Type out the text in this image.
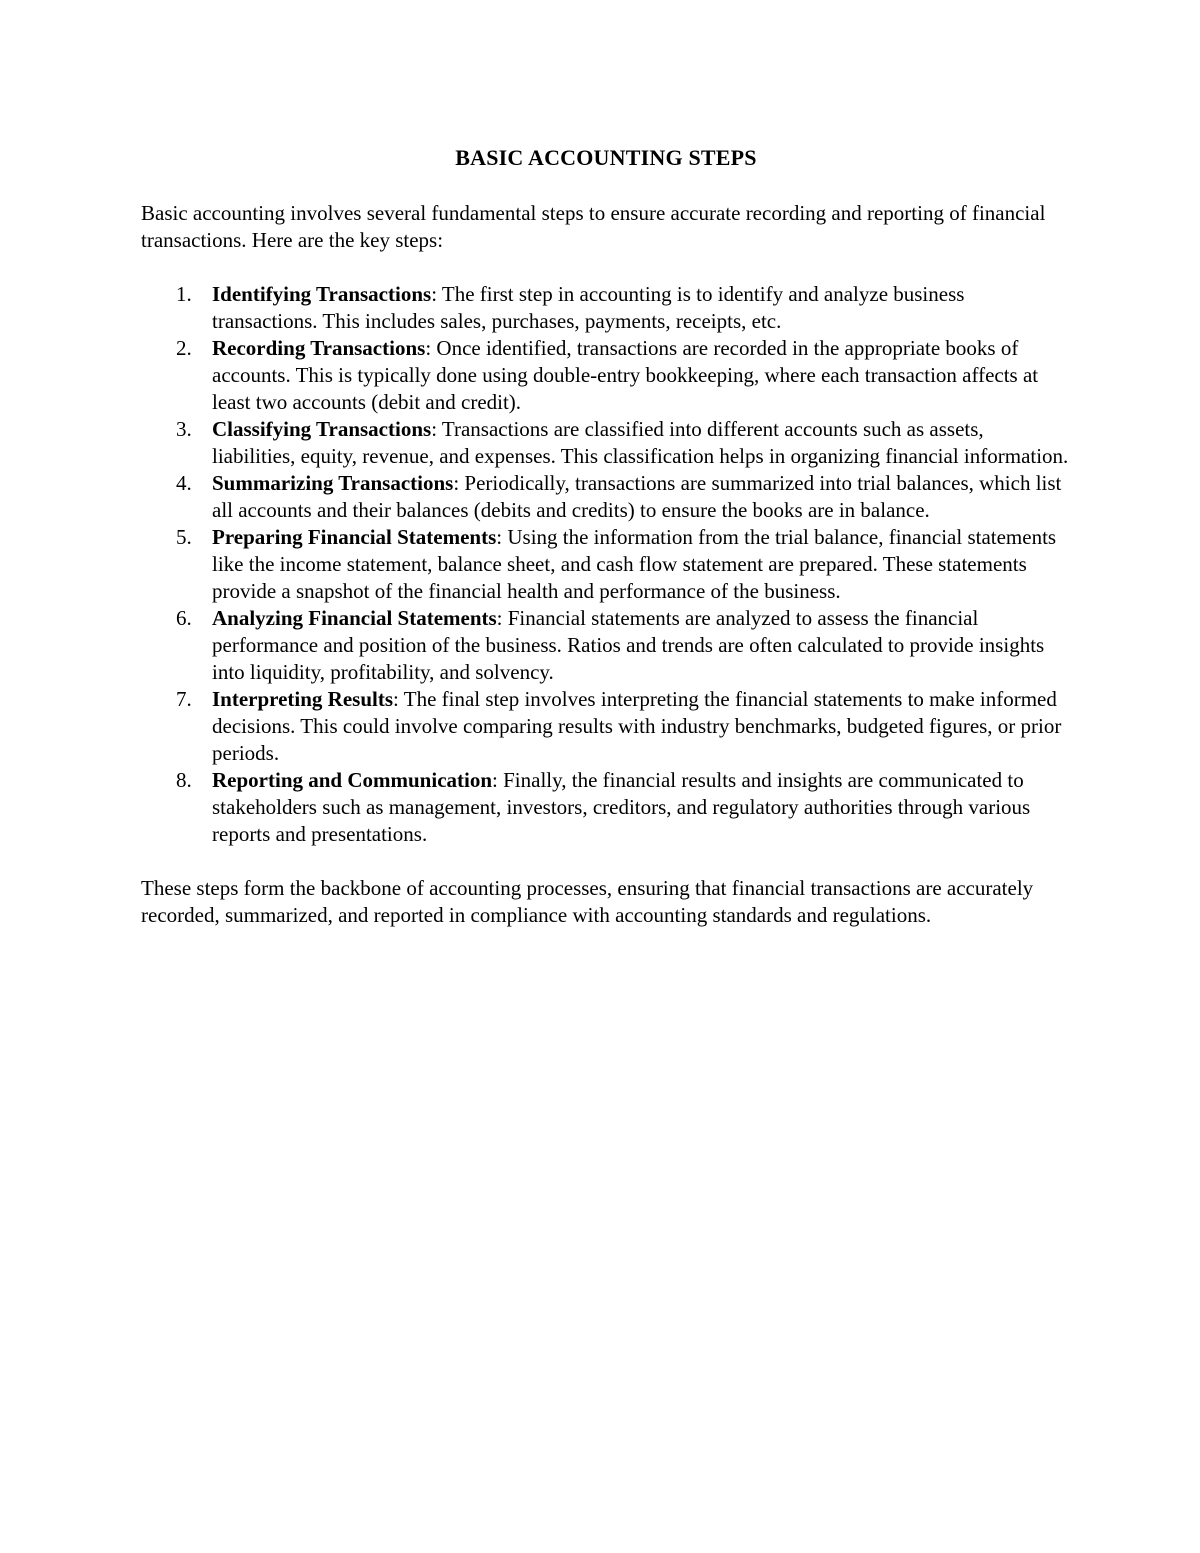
BASIC ACCOUNTING STEPS

Basic accounting involves several fundamental steps to ensure accurate recording and reporting of financial transactions. Here are the key steps:

1. Identifying Transactions: The first step in accounting is to identify and analyze business transactions. This includes sales, purchases, payments, receipts, etc.
2. Recording Transactions: Once identified, transactions are recorded in the appropriate books of accounts. This is typically done using double-entry bookkeeping, where each transaction affects at least two accounts (debit and credit).
3. Classifying Transactions: Transactions are classified into different accounts such as assets, liabilities, equity, revenue, and expenses. This classification helps in organizing financial information.
4. Summarizing Transactions: Periodically, transactions are summarized into trial balances, which list all accounts and their balances (debits and credits) to ensure the books are in balance.
5. Preparing Financial Statements: Using the information from the trial balance, financial statements like the income statement, balance sheet, and cash flow statement are prepared. These statements provide a snapshot of the financial health and performance of the business.
6. Analyzing Financial Statements: Financial statements are analyzed to assess the financial performance and position of the business. Ratios and trends are often calculated to provide insights into liquidity, profitability, and solvency.
7. Interpreting Results: The final step involves interpreting the financial statements to make informed decisions. This could involve comparing results with industry benchmarks, budgeted figures, or prior periods.
8. Reporting and Communication: Finally, the financial results and insights are communicated to stakeholders such as management, investors, creditors, and regulatory authorities through various reports and presentations.

These steps form the backbone of accounting processes, ensuring that financial transactions are accurately recorded, summarized, and reported in compliance with accounting standards and regulations.
